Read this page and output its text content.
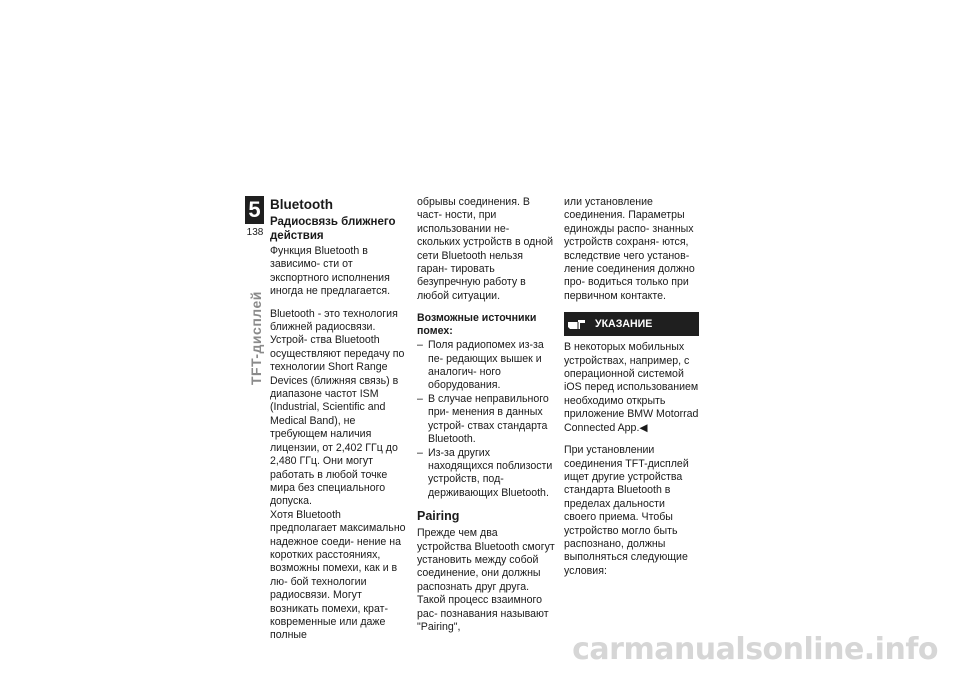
5
138
TFT-дисплей
Bluetooth
Радиосвязь ближнего действия

Функция Bluetooth в зависимо- сти от экспортного исполнения иногда не предлагается.

Bluetooth - это технология ближней радиосвязи. Устрой- ства Bluetooth осуществляют передачу по технологии Short Range Devices (ближняя связь) в диапазоне частот ISM (Industrial, Scientific and Medical Band), не требующем наличия лицензии, от 2,402 ГГц до 2,480 ГГц. Они могут работать в любой точке мира без специального допуска.

Хотя Bluetooth предполагает максимально надежное соеди- нение на коротких расстояниях, возможны помехи, как и в лю- бой технологии радиосвязи. Могут возникать помехи, крат- ковременные или даже полные

обрывы соединения. В част- ности, при использовании не- скольких устройств в одной сети Bluetooth нельзя гаран- тировать безупречную работу в любой ситуации.

Возможные источники помех:
– Поля радиопомех из-за пе- редающих вышек и аналогич- ного оборудования.
– В случае неправильного при- менения в данных устрой- ствах стандарта Bluetooth.
– Из-за других находящихся поблизости устройств, под- держивающих Bluetooth.
Pairing

Прежде чем два устройства Bluetooth смогут установить между собой соединение, они должны распознать друг друга. Такой процесс взаимного рас- познавания называют "Pairing",

или установление соединения. Параметры единожды распо- знанных устройств сохраня- ются, вследствие чего установ- ление соединения должно про- водиться только при первичном контакте.

УКАЗАНИЕ

В некоторых мобильных устройствах, например, с операционной системой iOS перед использованием необходимо открыть приложение BMW Motorrad Connected App.◀

При установлении соединения TFT-дисплей ищет другие устройства стандарта Bluetooth в пределах дальности своего приема. Чтобы устройство могло быть распознано, должны выполняться следующие условия:

carmanualsonline.info
